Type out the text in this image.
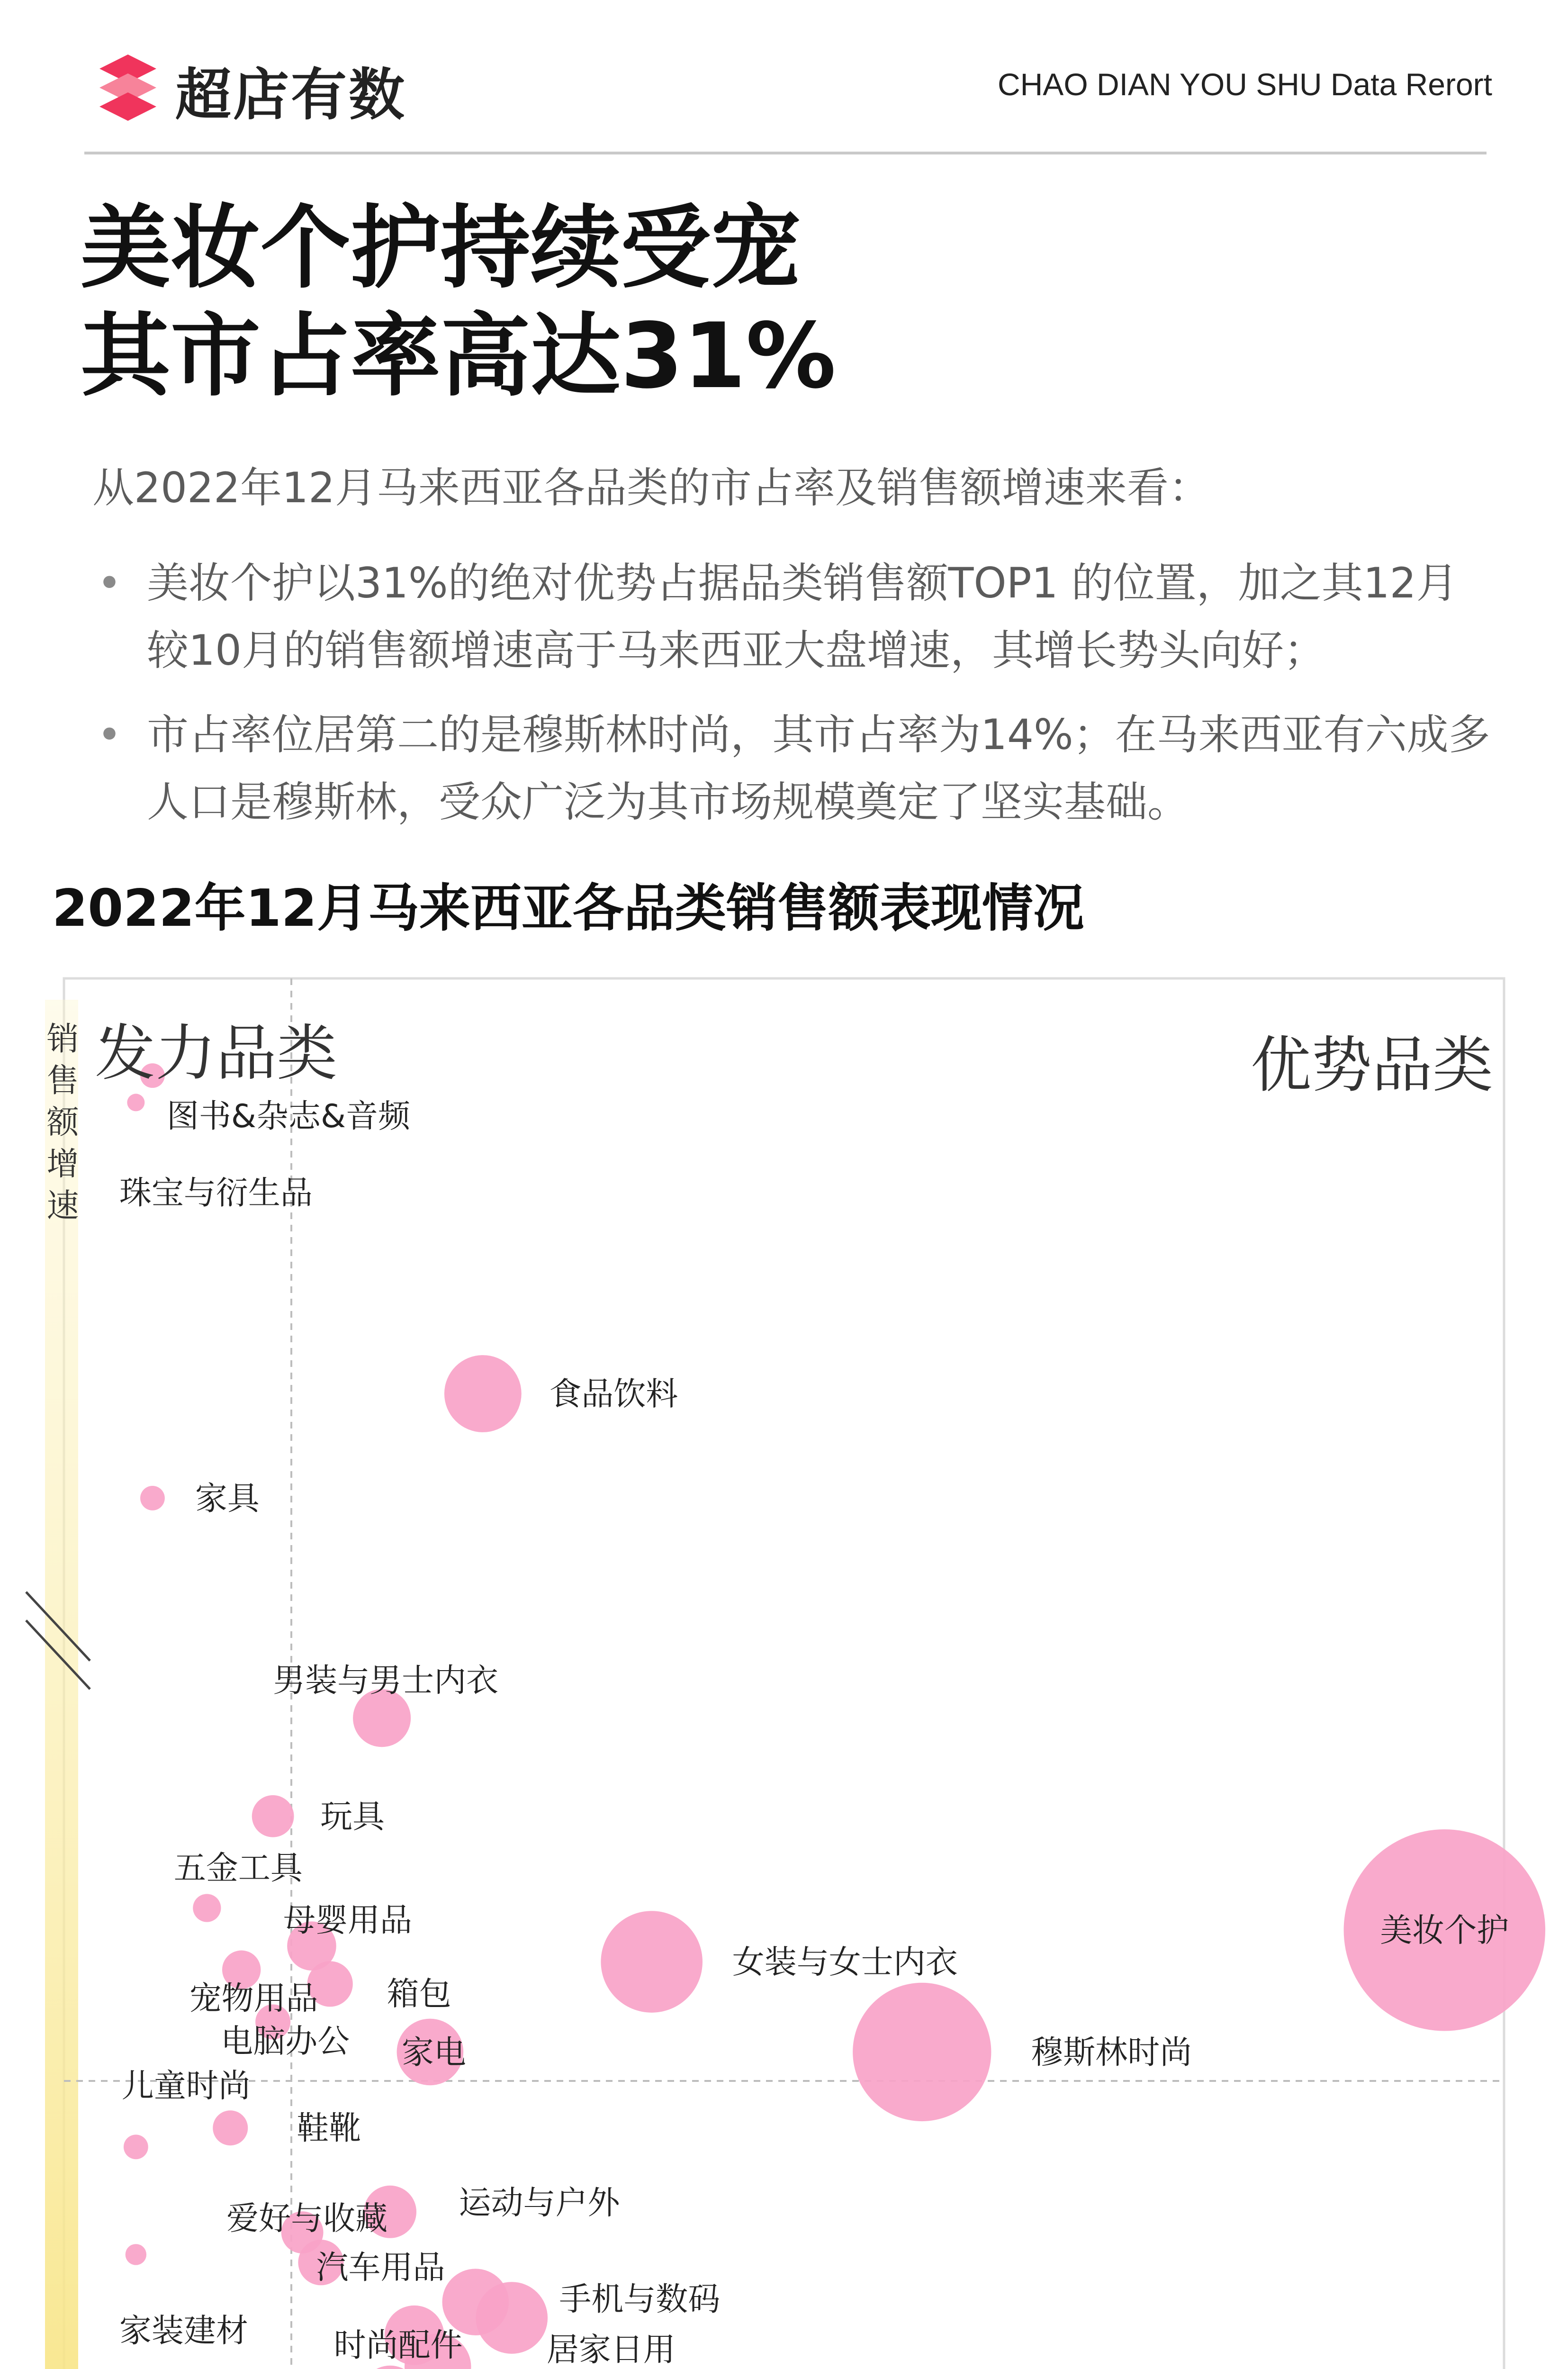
超店有数	CHAO DIAN YOU SHU Data Rerort
美妆个护持续受宠
其市占率高达31%
从2022年12月马来西亚各品类的市占率及销售额增速来看：
• 美妆个护以31%的绝对优势占据品类销售额TOP1 的位置，加之其12月较10月的销售额增速高于马来西亚大盘增速，其增长势头向好；
• 市占率位居第二的是穆斯林时尚，其市占率为14%；在马来西亚有六成多人口是穆斯林，受众广泛为其市场规模奠定了坚实基础。
2022年12月马来西亚各品类销售额表现情况
图书&杂志&音频
珠宝与衍生品
食品饮料
家具
男装与男士内衣
玩具
五金工具
母婴用品
宠物用品 箱包
女装与女士内衣
美妆个护
电脑办公 家电	穆斯林时尚
鞋靴
儿童时尚
运动与户外
爱好与收藏
汽车用品
家装建材
手机与数码
居家日用
时尚配件
发力品类	优势品类
销售额增速
